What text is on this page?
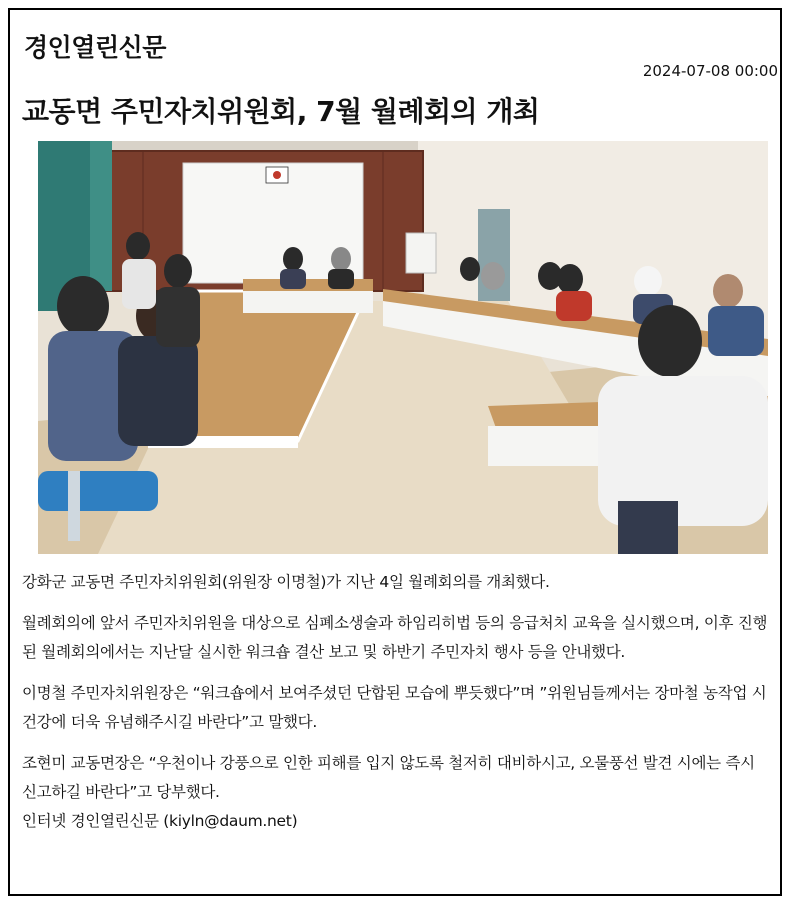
경인열린신문
2024-07-08 00:00
교동면 주민자치위원회, 7월 월례회의 개최

강화군 교동면 주민자치위원회(위원장 이명철)가 지난 4일 월례회의를 개최했다.

월례회의에 앞서 주민자치위원을 대상으로 심폐소생술과 하임리히법 등의 응급처치 교육을 실시했으며, 이후 진행된 월례회의에서는 지난달 실시한 워크숍 결산 보고 및 하반기 주민자치 행사 등을 안내했다.

이명철 주민자치위원장은 “워크숍에서 보여주셨던 단합된 모습에 뿌듯했다”며 ”위원님들께서는 장마철 농작업 시 건강에 더욱 유념해주시길 바란다”고 말했다.

조현미 교동면장은 “우천이나 강풍으로 인한 피해를 입지 않도록 철저히 대비하시고, 오물풍선 발견 시에는 즉시 신고하길 바란다”고 당부했다.

인터넷 경인열린신문 (kiyln@daum.net)
